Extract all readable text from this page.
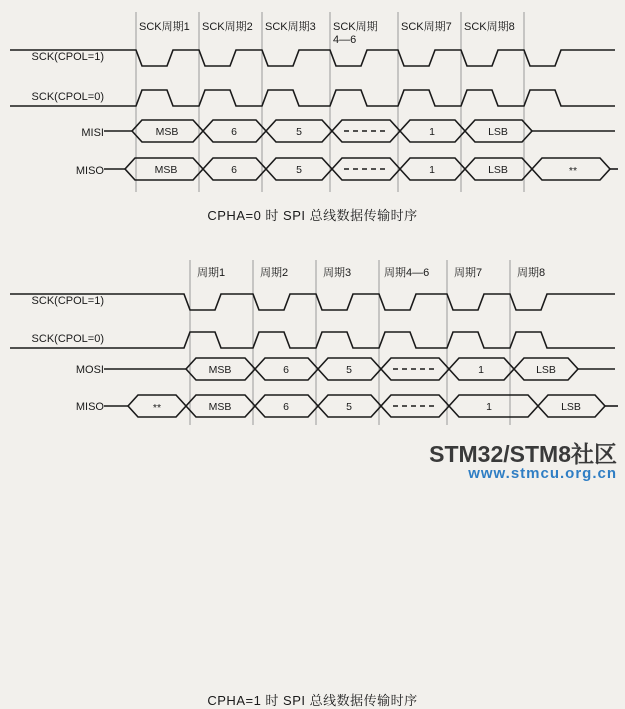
SCK周期1 SCK周期2 SCK周期3 SCK周期
4—6
SCK周期7 SCK周期8
SCK(CPOL=1)
SCK(CPOL=0)
MISI
MISO
MSB	6	5	1	LSB
MSB	6	5	1	LSB	**
CPHA=0 时 SPI 总线数据传输时序
周期1	周期2	周期3	周期4—6 周期7	周期8
SCK(CPOL=1)
SCK(CPOL=0)
MOSI
MISO
MSB	6	5	1	LSB
**	MSB	6	5	1	LSB
CPHA=1 时 SPI 总线数据传输时序
STM32/STM8社区
www.stmcu.org.cn
